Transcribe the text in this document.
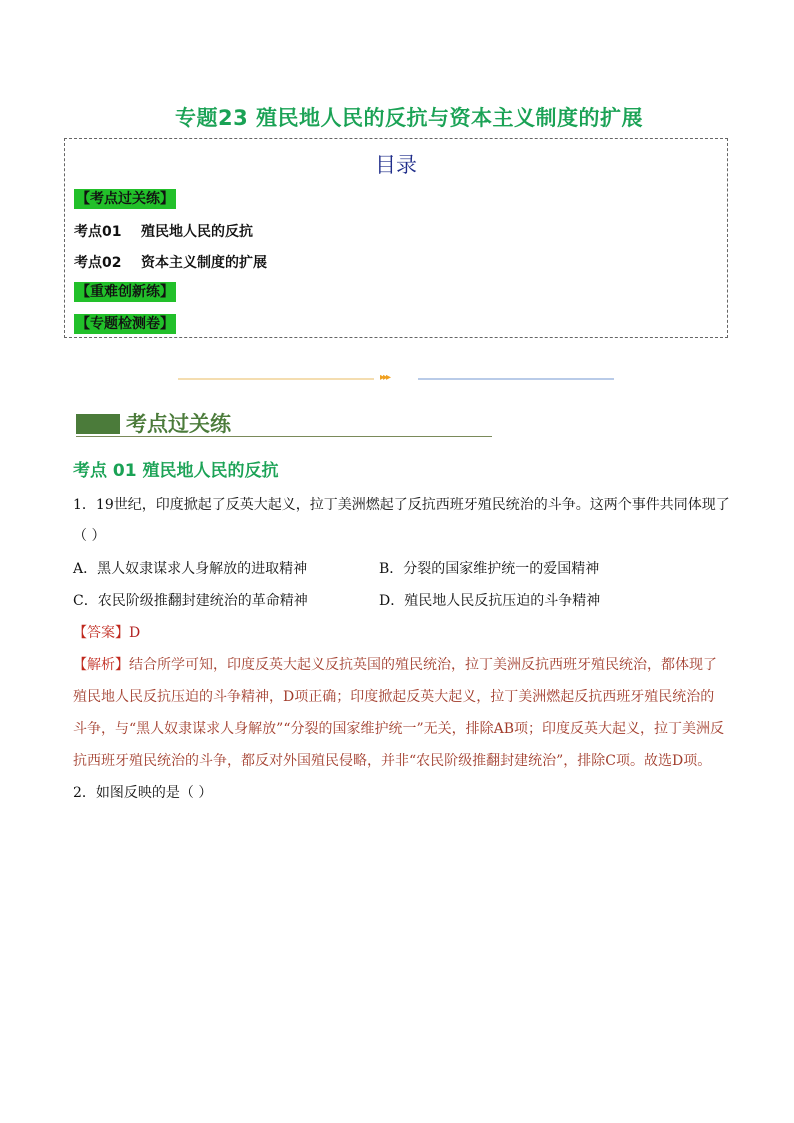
专题23 殖民地人民的反抗与资本主义制度的扩展
目录
【考点过关练】
考点01    殖民地人民的反抗
考点02    资本主义制度的扩展
【重难创新练】
【专题检测卷】
▸▸▸
考点过关练
考点 01 殖民地人民的反抗
1．19世纪，印度掀起了反英大起义，拉丁美洲燃起了反抗西班牙殖民统治的斗争。这两个事件共同体现了
（ ）
A．黑人奴隶谋求人身解放的进取精神	B．分裂的国家维护统一的爱国精神
C．农民阶级推翻封建统治的革命精神	D．殖民地人民反抗压迫的斗争精神
【答案】D
【解析】结合所学可知，印度反英大起义反抗英国的殖民统治，拉丁美洲反抗西班牙殖民统治，都体现了
殖民地人民反抗压迫的斗争精神，D项正确；印度掀起反英大起义，拉丁美洲燃起反抗西班牙殖民统治的
斗争，与“黑人奴隶谋求人身解放”“分裂的国家维护统一”无关，排除AB项；印度反英大起义，拉丁美洲反
抗西班牙殖民统治的斗争，都反对外国殖民侵略，并非“农民阶级推翻封建统治”，排除C项。故选D项。
2．如图反映的是（ ）
